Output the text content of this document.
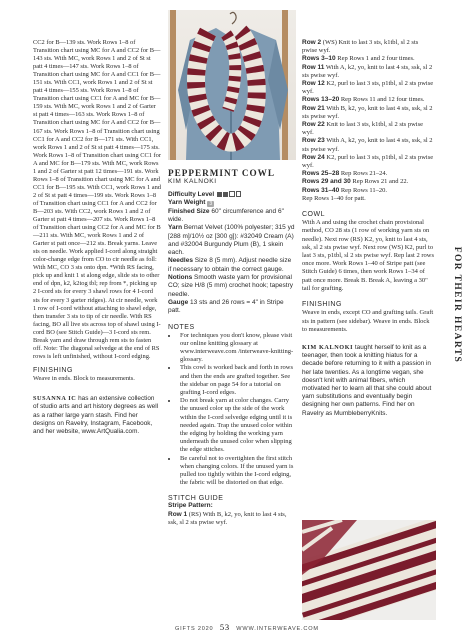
CC2 for B—139 sts. Work Rows 1–8 of Transition chart using MC for A and CC2 for B—143 sts. With MC, work Rows 1 and 2 of St st patt 4 times—147 sts. Work Rows 1–8 of Transition chart using MC for A and CC1 for B—151 sts. With CC1, work Rows 1 and 2 of St st patt 4 times—155 sts. Work Rows 1–8 of Transition chart using CC1 for A and MC for B—159 sts. With MC, work Rows 1 and 2 of Garter st patt 4 times—163 sts. Work Rows 1–8 of Transition chart using MC for A and CC2 for B—167 sts. Work Rows 1–8 of Transition chart using CC1 for A and CC2 for B—171 sts. With CC1, work Rows 1 and 2 of St st patt 4 times—175 sts. Work Rows 1–8 of Transition chart using CC1 for A and MC for B—179 sts. With MC, work Rows 1 and 2 of Garter st patt 12 times—191 sts. Work Rows 1–8 of Transition chart using MC for A and CC1 for B—195 sts. With CC1, work Rows 1 and 2 of St st patt 4 times—199 sts. Work Rows 1–8 of Transition chart using CC1 for A and CC2 for B—203 sts. With CC2, work Rows 1 and 2 of Garter st patt 4 times—207 sts. Work Rows 1–8 of Transition chart using CC2 for A and MC for B—211 sts. With MC, work Rows 1 and 2 of Garter st patt once—212 sts. Break yarns. Leave sts on needle. Work applied I-cord along straight color-change edge from CO to cir needle as foll: With MC, CO 3 sts onto dpn. *With RS facing, pick up and knit 1 st along edge, slide sts to other end of dpn, k2, k2tog tbl; rep from *, picking up 2 I-cord sts for every 3 shawl rows for 4 I-cord sts for every 3 garter ridges). At cir needle, work 1 row of I-cord without attaching to shawl edge, then transfer 3 sts to tip of cir needle. With RS facing, BO all live sts across top of shawl using I-cord BO (see Stitch Guide)—3 I-cord sts rem. Break yarn and draw through rem sts to fasten off. Note: The diagonal selvedge at the end of RS rows is left unfinished, without I-cord edging.

FINISHING

Weave in ends. Block to measurements.

SUSANNA IC has an extensive collection of studio arts and art history degrees as well as a rather large yarn stash. Find her designs on Ravelry, Instagram, Facebook, and her website, www.ArtQualia.com.

PEPPERMINT COWL

KIM KALNOKI

Difficulty Level

Yarn Weight 3

Finished Size 60" circumference and 6" wide.

Yarn Bernat Velvet (100% polyester; 315 yd [288 m]/10½ oz [300 g]): #32049 Cream (A) and #32004 Burgundy Plum (B), 1 skein each.

Needles Size 8 (5 mm). Adjust needle size if necessary to obtain the correct gauge.

Notions Smooth waste yarn for provisional CO; size H/8 (5 mm) crochet hook; tapestry needle.

Gauge 13 sts and 26 rows = 4" in Stripe patt.

NOTES

• For techniques you don't know, please visit our online knitting glossary at www.interweave.com /interweave-knitting-glossary.
• This cowl is worked back and forth in rows and then the ends are grafted together. See the sidebar on page 54 for a tutorial on grafting I-cord edges.
• Do not break yarn at color changes. Carry the unused color up the side of the work within the I-cord selvedge edging until it is needed again. Trap the unused color within the edging by holding the working yarn underneath the unused color when slipping the edge stitches.
• Be careful not to overtighten the first stitch when changing colors. If the unused yarn is pulled too tightly within the I-cord edging, the fabric will be distorted on that edge.

STITCH GUIDE

Stripe Pattern:

Row 1 (RS) With B, k2, yo, knit to last 4 sts, ssk, sl 2 sts pwise wyf.

Row 2 (WS) Knit to last 3 sts, k1tbl, sl 2 sts pwise wyf.

Rows 3–10 Rep Rows 1 and 2 four times.

Row 11 With A, k2, yo, knit to last 4 sts, ssk, sl 2 sts pwise wyf.

Row 12 K2, purl to last 3 sts, p1tbl, sl 2 sts pwise wyf.

Rows 13–20 Rep Rows 11 and 12 four times.

Row 21 With B, k2, yo, knit to last 4 sts, ssk, sl 2 sts pwise wyf.

Row 22 Knit to last 3 sts, k1tbl, sl 2 sts pwise wyf.

Row 23 With A, k2, yo, knit to last 4 sts, ssk, sl 2 sts pwise wyf.

Row 24 K2, purl to last 3 sts, p1tbl, sl 2 sts pwise wyf.

Rows 25–28 Rep Rows 21–24.

Rows 29 and 30 Rep Rows 21 and 22.

Rows 31–40 Rep Rows 11–20.

Rep Rows 1–40 for patt.

COWL

With A and using the crochet chain provisional method, CO 28 sts (1 row of working yarn sts on needle). Next row (RS) K2, yo, knit to last 4 sts, ssk, sl 2 sts pwise wyf. Next row (WS) K2, purl to last 3 sts, p1tbl, sl 2 sts pwise wyf. Rep last 2 rows once more. Work Rows 1–40 of Stripe patt (see Stitch Guide) 6 times, then work Rows 1–34 of patt once more. Break B. Break A, leaving a 30" tail for grafting.

FINISHING

Weave in ends, except CO and grafting tails. Graft sts in pattern (see sidebar). Weave in ends. Block to measurements.

KIM KALNOKI taught herself to knit as a teenager, then took a knitting hiatus for a decade before returning to it with a passion in her late twenties. As a longtime vegan, she doesn't knit with animal fibers, which motivated her to learn all that she could about yarn substitutions and eventually begin designing her own patterns. Find her on Ravelry as MumbleberryKnits.

FOR THEIR HEARTS
GIFTS 2020 53 WWW.INTERWEAVE.COM
